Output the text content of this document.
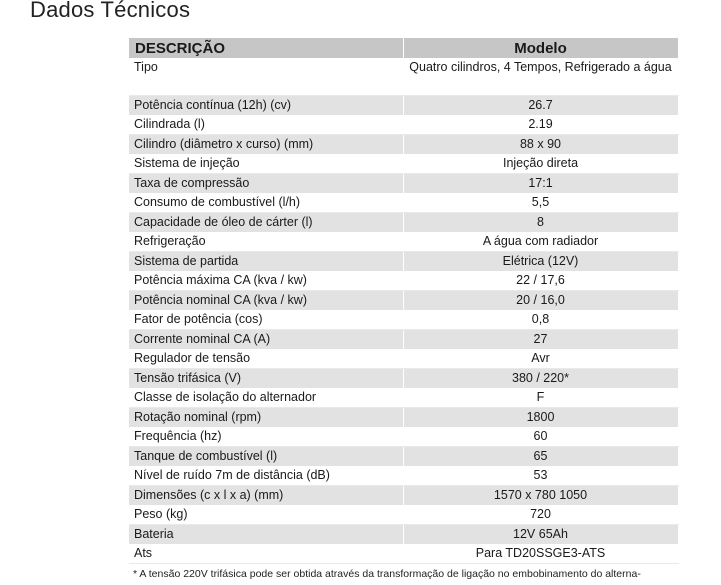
Dados Técnicos
DESCRIÇÃO	Modelo
Tipo	Quatro cilindros, 4 Tempos, Refrigerado a água
Potência contínua (12h) (cv)	26.7
Cilindrada (l)	2.19
Cilindro (diâmetro x curso) (mm)	88 x 90
Sistema de injeção	Injeção direta
Taxa de compressão	17:1
Consumo de combustível (l/h)	5,5
Capacidade de óleo de cárter (l)	8
Refrigeração	A água com radiador
Sistema de partida	Elétrica (12V)
Potência máxima CA (kva / kw)	22 / 17,6
Potência nominal CA (kva / kw)	20 / 16,0
Fator de potência (cos)	0,8
Corrente nominal CA (A)	27
Regulador de tensão	Avr
Tensão trifásica (V)	380 / 220*
Classe de isolação do alternador	F
Rotação nominal (rpm)	1800
Frequência (hz)	60
Tanque de combustível (l)	65
Nível de ruído 7m de distância (dB)	53
Dimensões (c x l x a) (mm)	1570 x 780 1050
Peso (kg)	720
Bateria	12V 65Ah
Ats	Para TD20SSGE3-ATS
* A tensão 220V trifásica pode ser obtida através da transformação de ligação no embobinamento do alterna-
